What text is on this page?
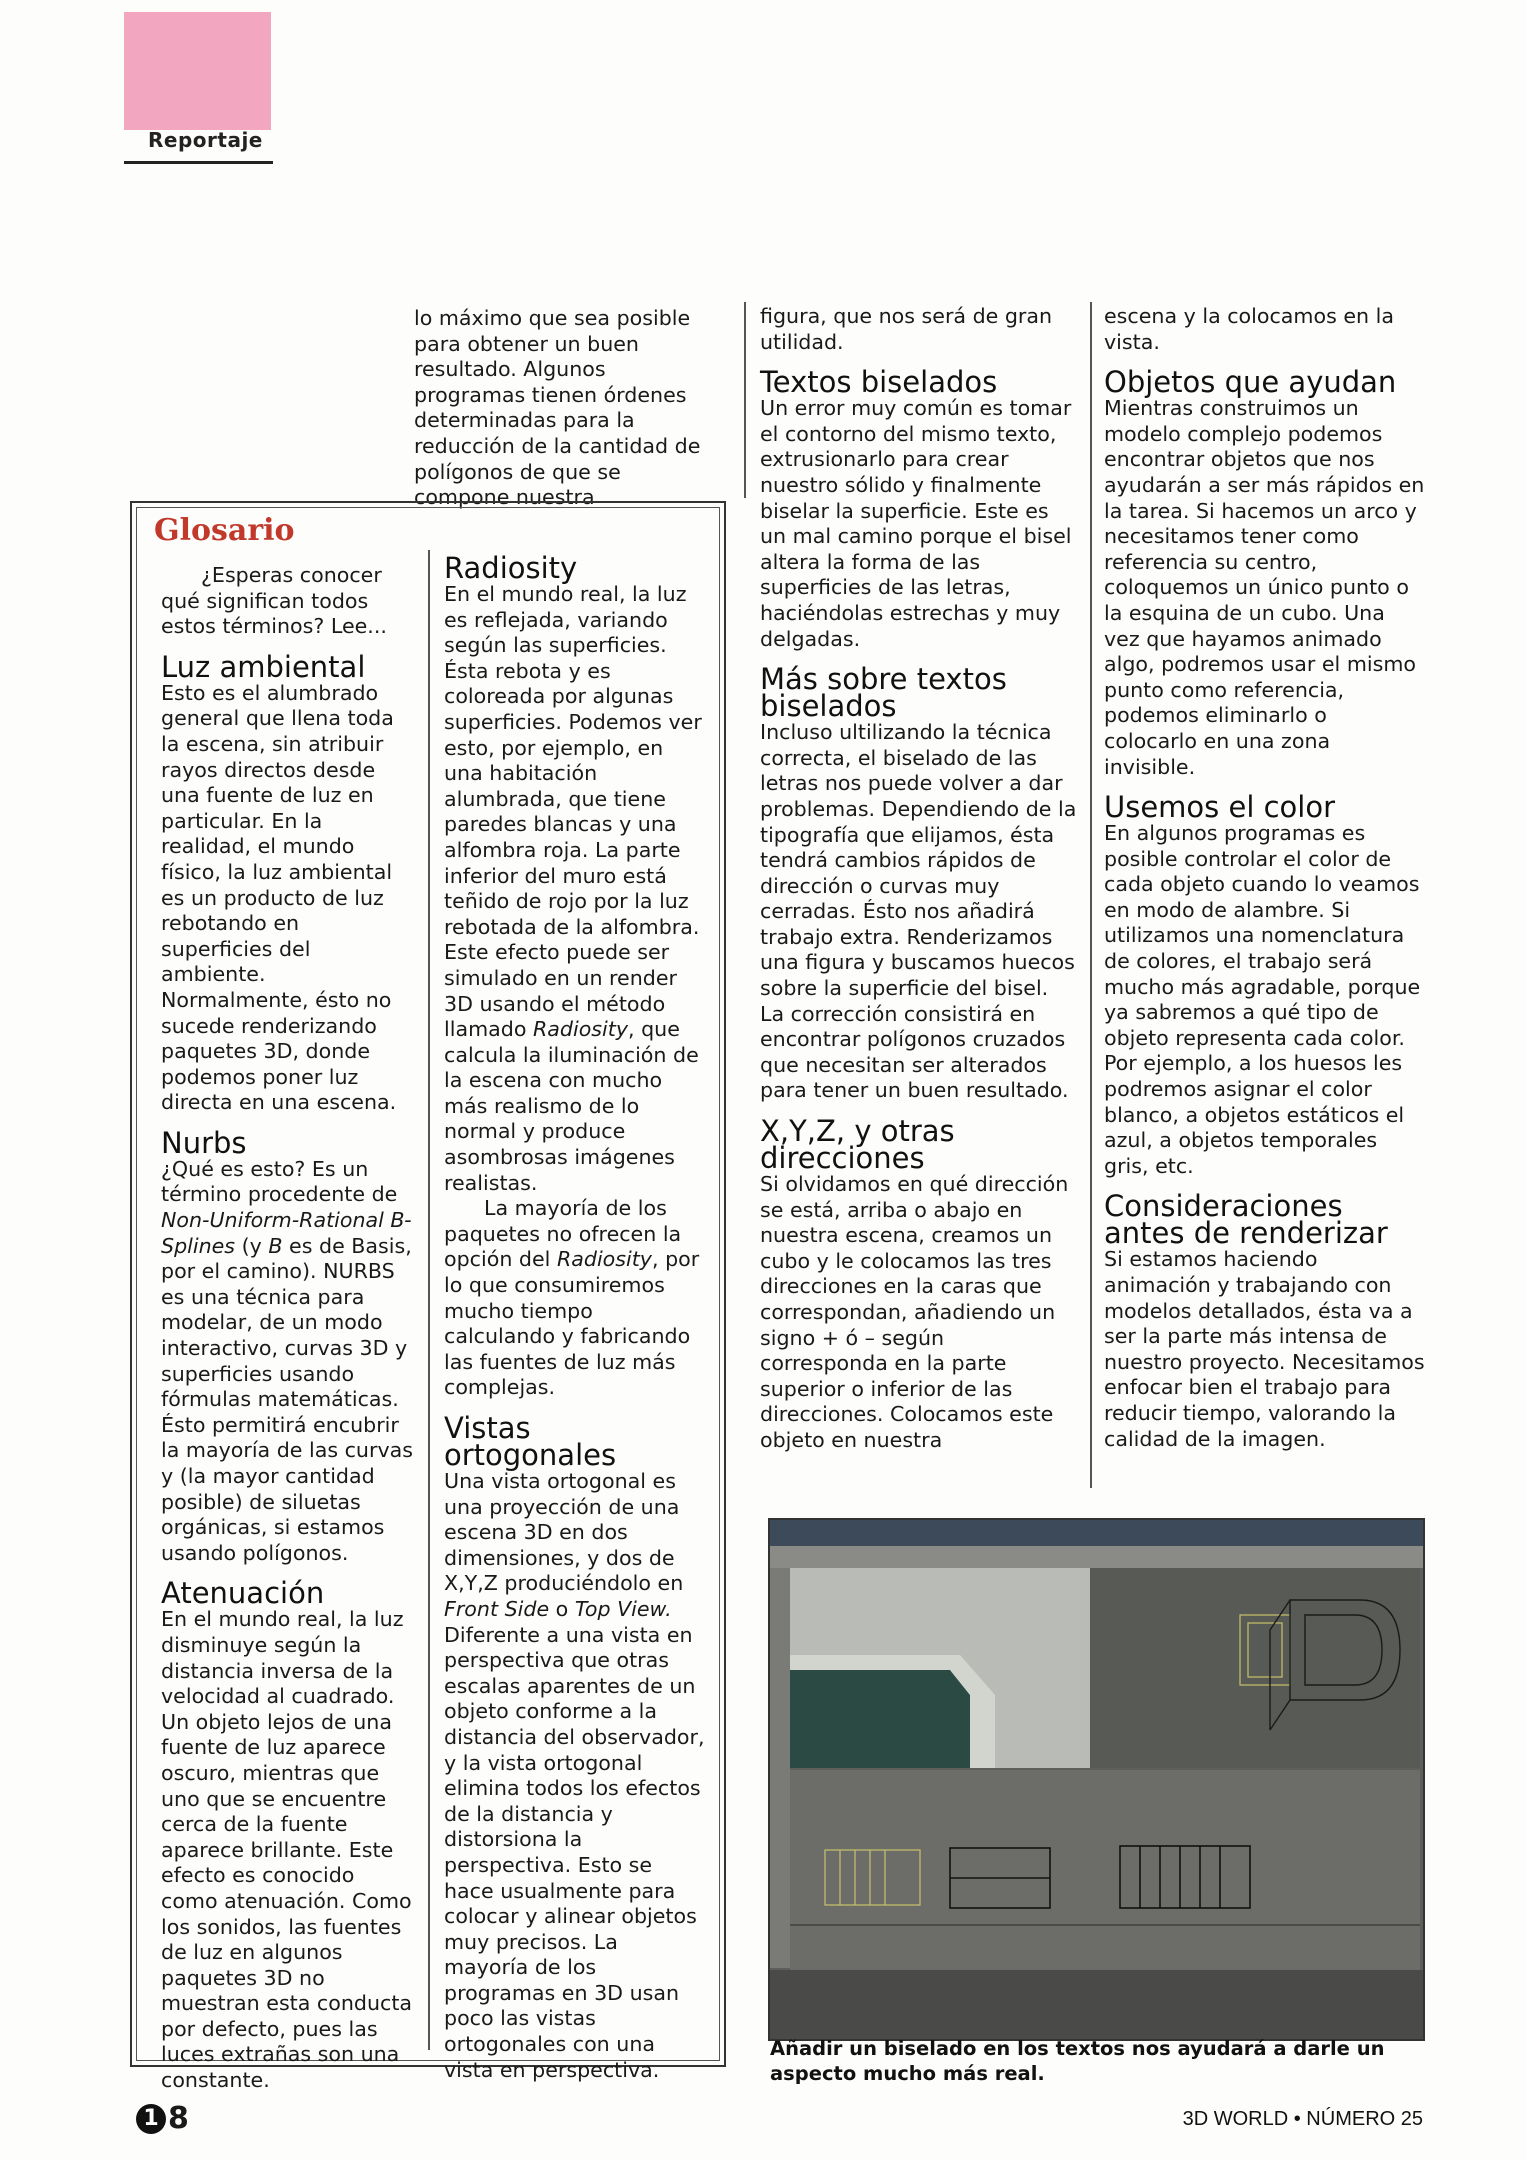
Reportaje

lo máximo que sea posible para obtener un buen resultado. Algunos programas tienen órdenes determinadas para la reducción de la cantidad de polígonos de que se compone nuestra

Glosario

¿Esperas conocer qué significan todos estos términos? Lee...

Luz ambiental

Esto es el alumbrado general que llena toda la escena, sin atribuir rayos directos desde una fuente de luz en particular. En la realidad, el mundo físico, la luz ambiental es un producto de luz rebotando en superficies del ambiente. Normalmente, ésto no sucede renderizando paquetes 3D, donde podemos poner luz directa en una escena.

Nurbs

¿Qué es esto? Es un término procedente de Non-Uniform-Rational B-Splines (y B es de Basis, por el camino). NURBS es una técnica para modelar, de un modo interactivo, curvas 3D y superficies usando fórmulas matemáticas. Ésto permitirá encubrir la mayoría de las curvas y (la mayor cantidad posible) de siluetas orgánicas, si estamos usando polígonos.

Atenuación

En el mundo real, la luz disminuye según la distancia inversa de la velocidad al cuadrado. Un objeto lejos de una fuente de luz aparece oscuro, mientras que uno que se encuentre cerca de la fuente aparece brillante. Este efecto es conocido como atenuación. Como los sonidos, las fuentes de luz en algunos paquetes 3D no muestran esta conducta por defecto, pues las luces extrañas son una constante.

Radiosity

En el mundo real, la luz es reflejada, variando según las superficies. Ésta rebota y es coloreada por algunas superficies. Podemos ver esto, por ejemplo, en una habitación alumbrada, que tiene paredes blancas y una alfombra roja. La parte inferior del muro está teñido de rojo por la luz rebotada de la alfombra. Este efecto puede ser simulado en un render 3D usando el método llamado Radiosity, que calcula la iluminación de la escena con mucho más realismo de lo normal y produce asombrosas imágenes realistas.

La mayoría de los paquetes no ofrecen la opción del Radiosity, por lo que consumiremos mucho tiempo calculando y fabricando las fuentes de luz más complejas.

Vistas ortogonales

Una vista ortogonal es una proyección de una escena 3D en dos dimensiones, y dos de X,Y,Z produciéndolo en Front Side o Top View. Diferente a una vista en perspectiva que otras escalas aparentes de un objeto conforme a la distancia del observador, y la vista ortogonal elimina todos los efectos de la distancia y distorsiona la perspectiva. Esto se hace usualmente para colocar y alinear objetos muy precisos. La mayoría de los programas en 3D usan poco las vistas ortogonales con una vista en perspectiva.

figura, que nos será de gran utilidad.

Textos biselados

Un error muy común es tomar el contorno del mismo texto, extrusionarlo para crear nuestro sólido y finalmente biselar la superficie. Este es un mal camino porque el bisel altera la forma de las superficies de las letras, haciéndolas estrechas y muy delgadas.

Más sobre textos biselados

Incluso ultilizando la técnica correcta, el biselado de las letras nos puede volver a dar problemas. Dependiendo de la tipografía que elijamos, ésta tendrá cambios rápidos de dirección o curvas muy cerradas. Ésto nos añadirá trabajo extra. Renderizamos una figura y buscamos huecos sobre la superficie del bisel. La corrección consistirá en encontrar polígonos cruzados que necesitan ser alterados para tener un buen resultado.

X,Y,Z, y otras direcciones

Si olvidamos en qué dirección se está, arriba o abajo en nuestra escena, creamos un cubo y le colocamos las tres direcciones en la caras que correspondan, añadiendo un signo + ó – según corresponda en la parte superior o inferior de las direcciones. Colocamos este objeto en nuestra

escena y la colocamos en la vista.

Objetos que ayudan

Mientras construimos un modelo complejo podemos encontrar objetos que nos ayudarán a ser más rápidos en la tarea. Si hacemos un arco y necesitamos tener como referencia su centro, coloquemos un único punto o la esquina de un cubo. Una vez que hayamos animado algo, podremos usar el mismo punto como referencia, podemos eliminarlo o colocarlo en una zona invisible.

Usemos el color

En algunos programas es posible controlar el color de cada objeto cuando lo veamos en modo de alambre. Si utilizamos una nomenclatura de colores, el trabajo será mucho más agradable, porque ya sabremos a qué tipo de objeto representa cada color. Por ejemplo, a los huesos les podremos asignar el color blanco, a objetos estáticos el azul, a objetos temporales gris, etc.

Consideraciones antes de renderizar

Si estamos haciendo animación y trabajando con modelos detallados, ésta va a ser la parte más intensa de nuestro proyecto. Necesitamos enfocar bien el trabajo para reducir tiempo, valorando la calidad de la imagen.

Añadir un biselado en los textos nos ayudará a darle un aspecto mucho más real.
1 8	3D WORLD • NÚMERO 25
